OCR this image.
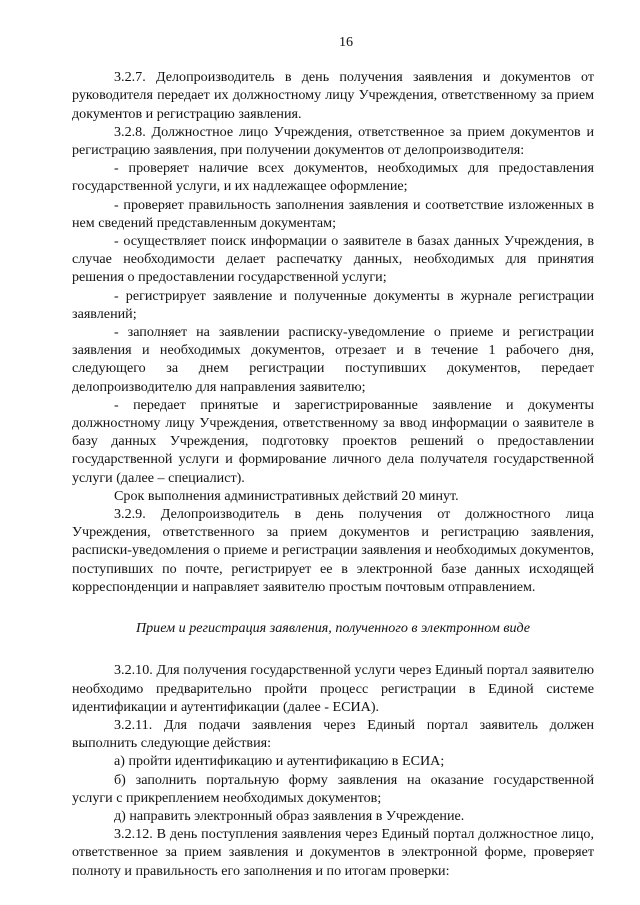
16

3.2.7. Делопроизводитель в день получения заявления и документов от руководителя передает их должностному лицу Учреждения, ответственному за прием документов и регистрацию заявления.

3.2.8. Должностное лицо Учреждения, ответственное за прием документов и регистрацию заявления, при получении документов от делопроизводителя:

- проверяет наличие всех документов, необходимых для предоставления государственной услуги, и их надлежащее оформление;

- проверяет правильность заполнения заявления и соответствие изложенных в нем сведений представленным документам;

- осуществляет поиск информации о заявителе в базах данных Учреждения, в случае необходимости делает распечатку данных, необходимых для принятия решения о предоставлении государственной услуги;

- регистрирует заявление и полученные документы в журнале регистрации заявлений;

- заполняет на заявлении расписку-уведомление о приеме и регистрации заявления и необходимых документов, отрезает и в течение 1 рабочего дня, следующего за днем регистрации поступивших документов, передает делопроизводителю для направления заявителю;

- передает принятые и зарегистрированные заявление и документы должностному лицу Учреждения, ответственному за ввод информации о заявителе в базу данных Учреждения, подготовку проектов решений о предоставлении государственной услуги и формирование личного дела получателя государственной услуги (далее – специалист).

Срок выполнения административных действий 20 минут.

3.2.9. Делопроизводитель в день получения от должностного лица Учреждения, ответственного за прием документов и регистрацию заявления, расписки-уведомления о приеме и регистрации заявления и необходимых документов, поступивших по почте, регистрирует ее в электронной базе данных исходящей корреспонденции и направляет заявителю простым почтовым отправлением.

Прием и регистрация заявления, полученного в электронном виде

3.2.10. Для получения государственной услуги через Единый портал заявителю необходимо предварительно пройти процесс регистрации в Единой системе идентификации и аутентификации (далее - ЕСИА).

3.2.11. Для подачи заявления через Единый портал заявитель должен выполнить следующие действия:

а) пройти идентификацию и аутентификацию в ЕСИА;

б) заполнить портальную форму заявления на оказание государственной услуги с прикреплением необходимых документов;

д) направить электронный образ заявления в Учреждение.

3.2.12. В день поступления заявления через Единый портал должностное лицо, ответственное за прием заявления и документов в электронной форме, проверяет полноту и правильность его заполнения и по итогам проверки:
